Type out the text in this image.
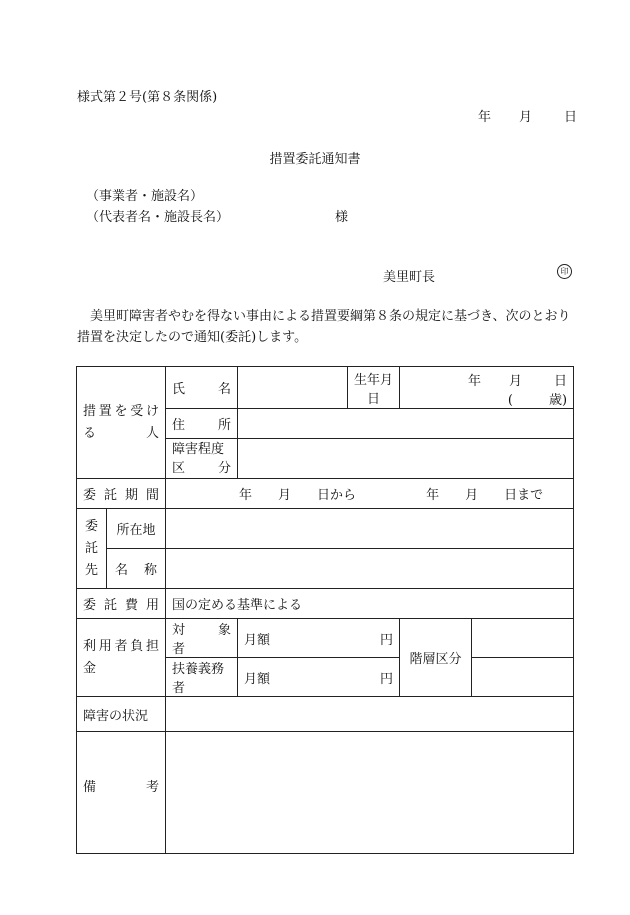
様式第２号(第８条関係)
年 月 日
措置委託通知書
（事業者・施設名）
（代表者名・施設長名）	様
美里町長	印

美里町障害者やむを得ない事由による措置要綱第８条の規定に基づき、次のとおり措置を決定したので通知(委託)します。

措置を受ける人		氏　　名		生年月日	年 月 日
( 歳)	

		住　　所				

		障害程度
区　　分				

委 託 期 間		年 月 日から 年 月 日まで				

委
託
先	所在地					
	名　称					
委 託 費 用		国の定める基準による				

利用者負担金		対　象　者	月額 円		階層区分	
		扶養義務者	月額 円			

障害の状況						
備　　　考						
